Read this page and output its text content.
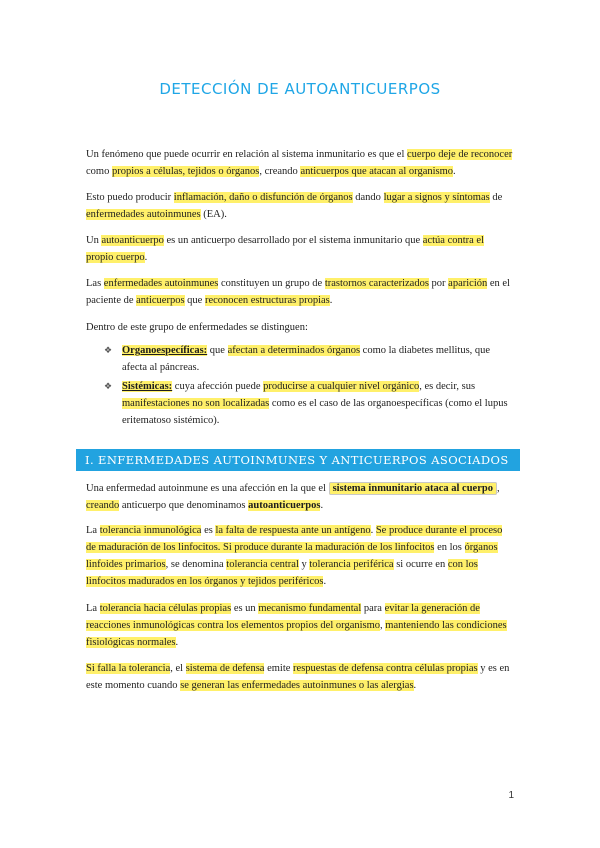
DETECCIÓN DE AUTOANTICUERPOS

Un fenómeno que puede ocurrir en relación al sistema inmunitario es que el cuerpo deje de reconocer como propios a células, tejidos o órganos, creando anticuerpos que atacan al organismo.

Esto puedo producir inflamación, daño o disfunción de órganos dando lugar a signos y síntomas de enfermedades autoinmunes (EA).

Un autoanticuerpo es un anticuerpo desarrollado por el sistema inmunitario que actúa contra el propio cuerpo.

Las enfermedades autoinmunes constituyen un grupo de trastornos caracterizados por aparición en el paciente de anticuerpos que reconocen estructuras propias.

Dentro de este grupo de enfermedades se distinguen:

❖ Organoespecíficas: que afectan a determinados órganos como la diabetes mellitus, que afecta al páncreas.
❖ Sistémicas: cuya afección puede producirse a cualquier nivel orgánico, es decir, sus manifestaciones no son localizadas como es el caso de las organoespecíficas (como el lupus eritematoso sistémico).
I. ENFERMEDADES AUTOINMUNES Y ANTICUERPOS ASOCIADOS

Una enfermedad autoinmune es una afección en la que el sistema inmunitario ataca al cuerpo , creando anticuerpo que denominamos autoanticuerpos.

La tolerancia inmunológica es la falta de respuesta ante un antígeno. Se produce durante el proceso de maduración de los linfocitos. Si produce durante la maduración de los linfocitos en los órganos linfoides primarios, se denomina tolerancia central y tolerancia periférica si ocurre en con los linfocitos madurados en los órganos y tejidos periféricos.

La tolerancia hacia células propias es un mecanismo fundamental para evitar la generación de reacciones inmunológicas contra los elementos propios del organismo, manteniendo las condiciones fisiológicas normales.

Si falla la tolerancia, el sistema de defensa emite respuestas de defensa contra células propias y es en este momento cuando se generan las enfermedades autoinmunes o las alergias.

1
